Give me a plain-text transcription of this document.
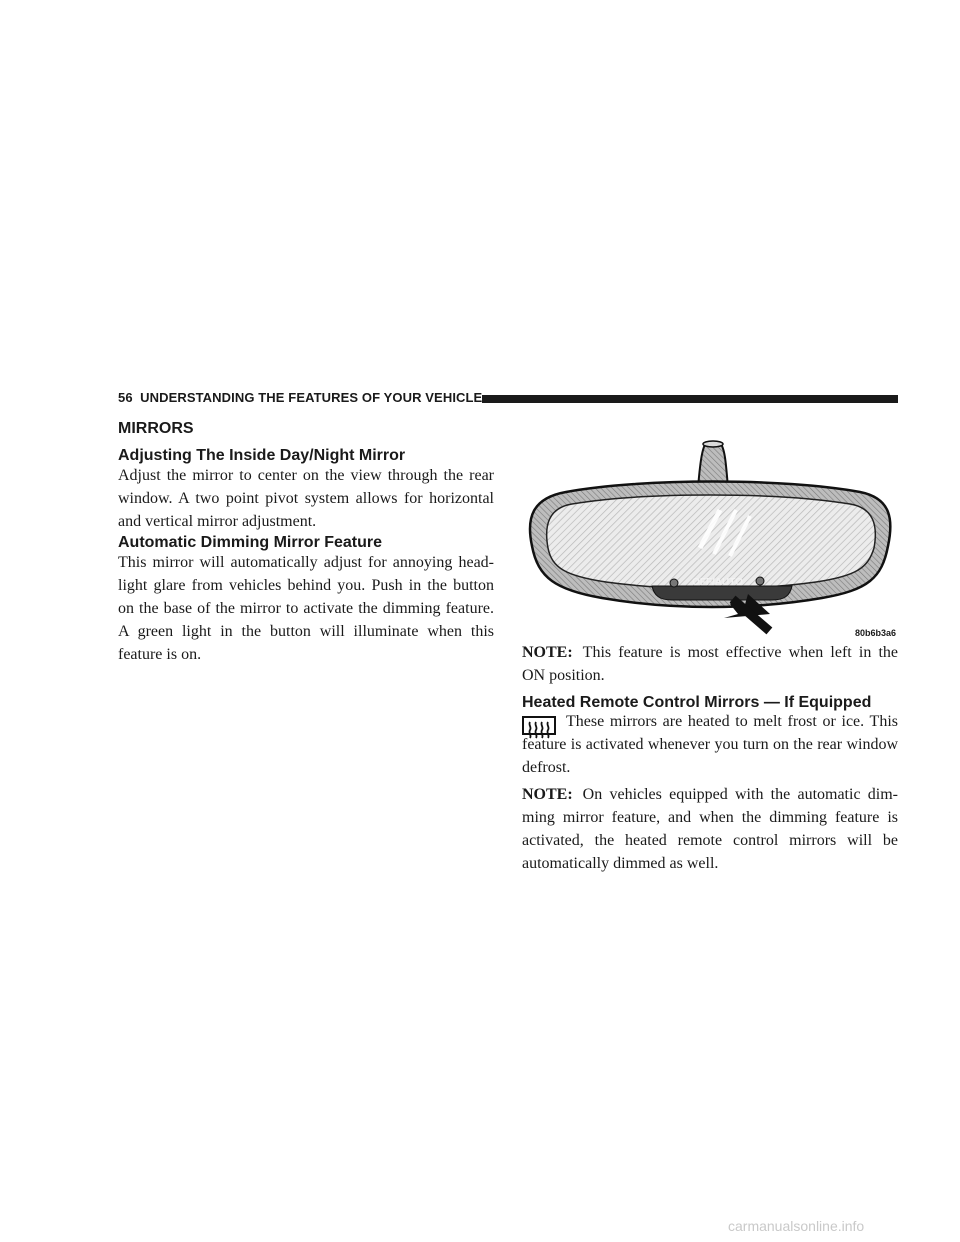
56 UNDERSTANDING THE FEATURES OF YOUR VEHICLE
MIRRORS
Adjusting The Inside Day/Night Mirror
Adjust the mirror to center on the view through the rear window. A two point pivot system allows for horizontal and vertical mirror adjustment.
Automatic Dimming Mirror Feature
This mirror will automatically adjust for annoying head-light glare from vehicles behind you. Push in the button on the base of the mirror to activate the dimming feature. A green light in the button will illuminate when this feature is on.
OFF/AUTO
80b6b3a6
NOTE: This feature is most effective when left in the ON position.
Heated Remote Control Mirrors — If Equipped
These mirrors are heated to melt frost or ice. This feature is activated whenever you turn on the rear window defrost.
NOTE: On vehicles equipped with the automatic dim-ming mirror feature, and when the dimming feature is activated, the heated remote control mirrors will be automatically dimmed as well.
carmanualsonline.info
